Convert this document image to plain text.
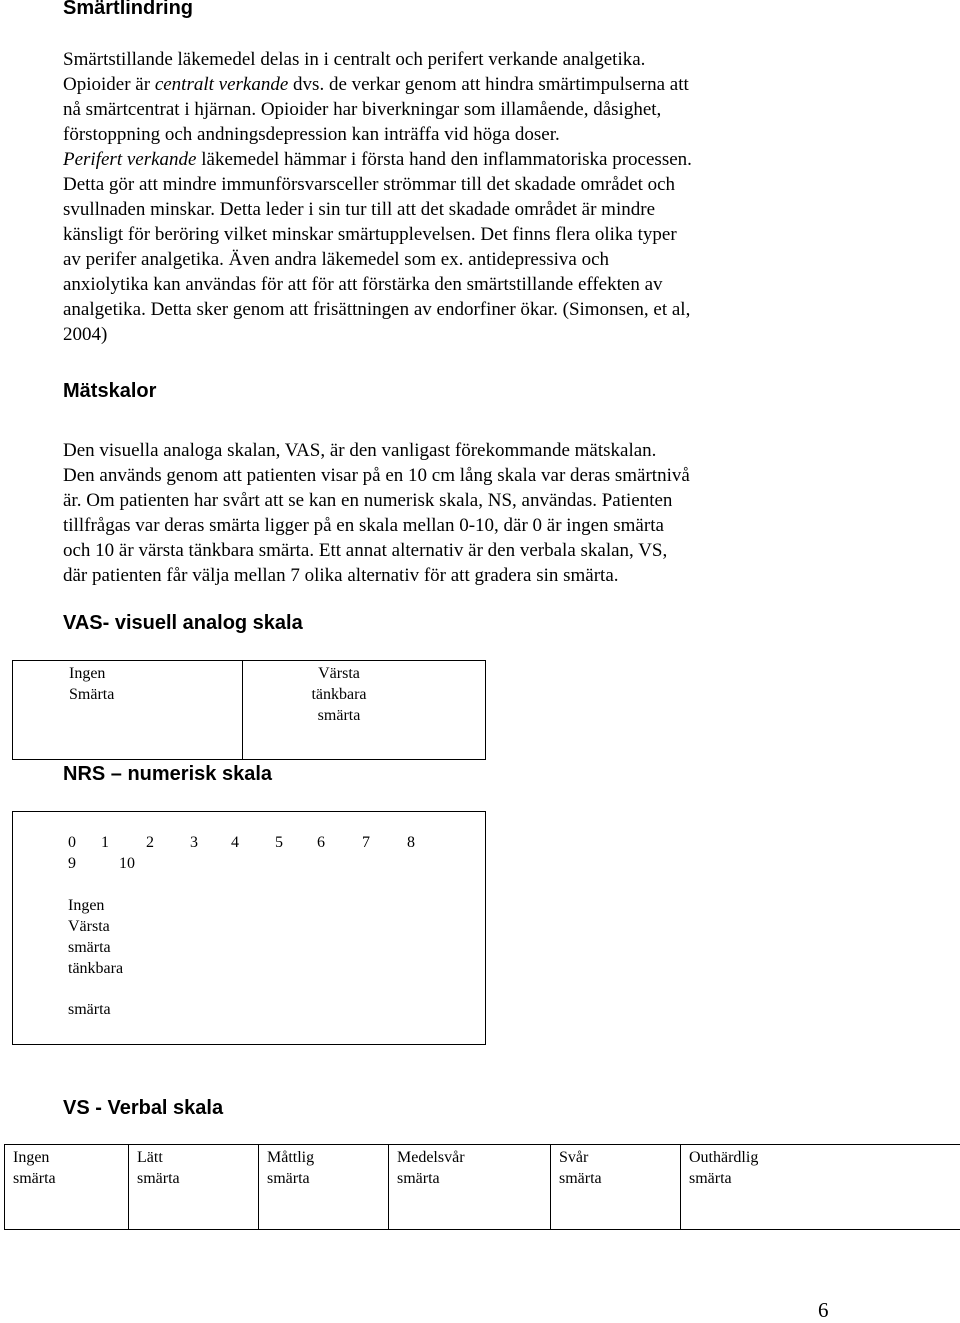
Smärtlindring
Smärtstillande läkemedel delas in i centralt och perifert verkande analgetika.
Opioider är centralt verkande dvs. de verkar genom att hindra smärtimpulserna att
nå smärtcentrat i hjärnan. Opioider har biverkningar som illamående, dåsighet,
förstoppning och andningsdepression kan inträffa vid höga doser.
Perifert verkande läkemedel hämmar i första hand den inflammatoriska processen.
Detta gör att mindre immunförsvarsceller strömmar till det skadade området och
svullnaden minskar. Detta leder i sin tur till att det skadade området är mindre
känsligt för beröring vilket minskar smärtupplevelsen. Det finns flera olika typer
av perifer analgetika. Även andra läkemedel som ex. antidepressiva och
anxiolytika kan användas för att för att förstärka den smärtstillande effekten av
analgetika. Detta sker genom att frisättningen av endorfiner ökar. (Simonsen, et al,
2004)
Mätskalor
Den visuella analoga skalan, VAS, är den vanligast förekommande mätskalan.
Den används genom att patienten visar på en 10 cm lång skala var deras smärtnivå
är. Om patienten har svårt att se kan en numerisk skala, NS, användas. Patienten
tillfrågas var deras smärta ligger på en skala mellan 0-10, där 0 är ingen smärta
och 10 är värsta tänkbara smärta. Ett annat alternativ är den verbala skalan, VS,
där patienten får välja mellan 7 olika alternativ för att gradera sin smärta.
VAS- visuell analog skala
Ingen
Smärta
Värsta
tänkbara
smärta
NRS – numerisk skala
0 1 2 3 4 5 6 7 8
9	10
Ingen
Värsta
smärta
tänkbara
smärta
VS - Verbal skala
Ingen
smärta
Lätt
smärta
Måttlig
smärta
Medelsvår
smärta
Svår
smärta
Outhärdlig
smärta
6
